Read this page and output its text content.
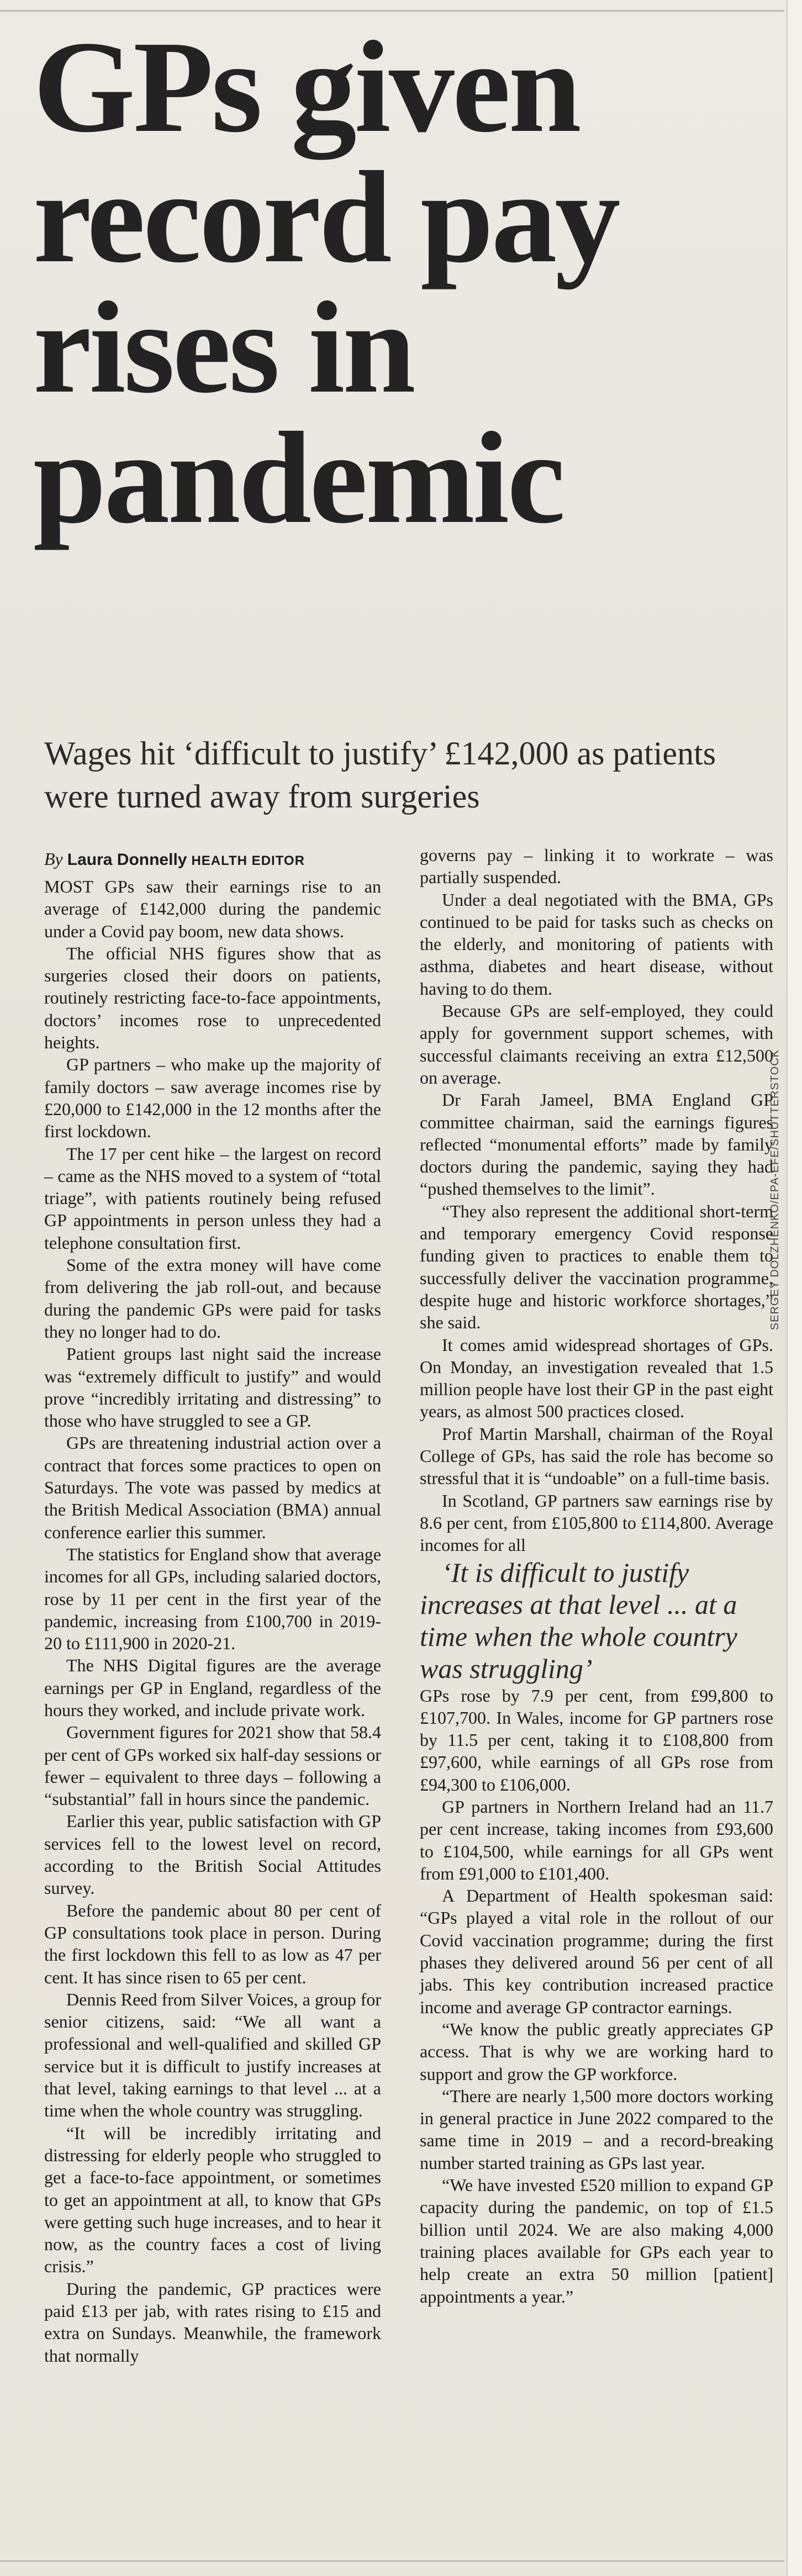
GPs given
record pay
rises in
pandemic
Wages hit ‘difficult to justify’ £142,000 as patients were turned away from surgeries
By Laura Donnelly HEALTH EDITOR

MOST GPs saw their earnings rise to an average of £142,000 during the pandemic under a Covid pay boom, new data shows.

The official NHS figures show that as surgeries closed their doors on patients, routinely restricting face-to-face appointments, doctors’ incomes rose to unprecedented heights.

GP partners – who make up the majority of family doctors – saw average incomes rise by £20,000 to £142,000 in the 12 months after the first lockdown.

The 17 per cent hike – the largest on record – came as the NHS moved to a system of “total triage”, with patients routinely being refused GP appointments in person unless they had a telephone consultation first.

Some of the extra money will have come from delivering the jab roll-out, and because during the pandemic GPs were paid for tasks they no longer had to do.

Patient groups last night said the increase was “extremely difficult to justify” and would prove “incredibly irritating and distressing” to those who have struggled to see a GP.

GPs are threatening industrial action over a contract that forces some practices to open on Saturdays. The vote was passed by medics at the British Medical Association (BMA) annual conference earlier this summer.

The statistics for England show that average incomes for all GPs, including salaried doctors, rose by 11 per cent in the first year of the pandemic, increasing from £100,700 in 2019-20 to £111,900 in 2020-21.

The NHS Digital figures are the average earnings per GP in England, regardless of the hours they worked, and include private work.

Government figures for 2021 show that 58.4 per cent of GPs worked six half-day sessions or fewer – equivalent to three days – following a “substantial” fall in hours since the pandemic.

Earlier this year, public satisfaction with GP services fell to the lowest level on record, according to the British Social Attitudes survey.

Before the pandemic about 80 per cent of GP consultations took place in person. During the first lockdown this fell to as low as 47 per cent. It has since risen to 65 per cent.

Dennis Reed from Silver Voices, a group for senior citizens, said: “We all want a professional and well-qualified and skilled GP service but it is difficult to justify increases at that level, taking earnings to that level ... at a time when the whole country was struggling.

“It will be incredibly irritating and distressing for elderly people who struggled to get a face-to-face appointment, or sometimes to get an appointment at all, to know that GPs were getting such huge increases, and to hear it now, as the country faces a cost of living crisis.”

During the pandemic, GP practices were paid £13 per jab, with rates rising to £15 and extra on Sundays. Meanwhile, the framework that normally

governs pay – linking it to workrate – was partially suspended.

Under a deal negotiated with the BMA, GPs continued to be paid for tasks such as checks on the elderly, and monitoring of patients with asthma, diabetes and heart disease, without having to do them.

Because GPs are self-employed, they could apply for government support schemes, with successful claimants receiving an extra £12,500 on average.

Dr Farah Jameel, BMA England GP committee chairman, said the earnings figures reflected “monumental efforts” made by family doctors during the pandemic, saying they had “pushed themselves to the limit”.

“They also represent the additional short-term and temporary emergency Covid response funding given to practices to enable them to successfully deliver the vaccination programme, despite huge and historic workforce shortages,” she said.

It comes amid widespread shortages of GPs. On Monday, an investigation revealed that 1.5 million people have lost their GP in the past eight years, as almost 500 practices closed.

Prof Martin Marshall, chairman of the Royal College of GPs, has said the role has become so stressful that it is “undoable” on a full-time basis.

In Scotland, GP partners saw earnings rise by 8.6 per cent, from £105,800 to £114,800. Average incomes for all

‘It is difficult to justify increases at that level ... at a time when the whole country was struggling’

GPs rose by 7.9 per cent, from £99,800 to £107,700. In Wales, income for GP partners rose by 11.5 per cent, taking it to £108,800 from £97,600, while earnings of all GPs rose from £94,300 to £106,000.

GP partners in Northern Ireland had an 11.7 per cent increase, taking incomes from £93,600 to £104,500, while earnings for all GPs went from £91,000 to £101,400.

A Department of Health spokesman said: “GPs played a vital role in the rollout of our Covid vaccination programme; during the first phases they delivered around 56 per cent of all jabs. This key contribution increased practice income and average GP contractor earnings.

“We know the public greatly appreciates GP access. That is why we are working hard to support and grow the GP workforce.

“There are nearly 1,500 more doctors working in general practice in June 2022 compared to the same time in 2019 – and a record-breaking number started training as GPs last year.

“We have invested £520 million to expand GP capacity during the pandemic, on top of £1.5 billion until 2024. We are also making 4,000 training places available for GPs each year to help create an extra 50 million [patient] appointments a year.”

SERGEY DOLZHENKO/EPA-EFE/SHUTTERSTOCK
